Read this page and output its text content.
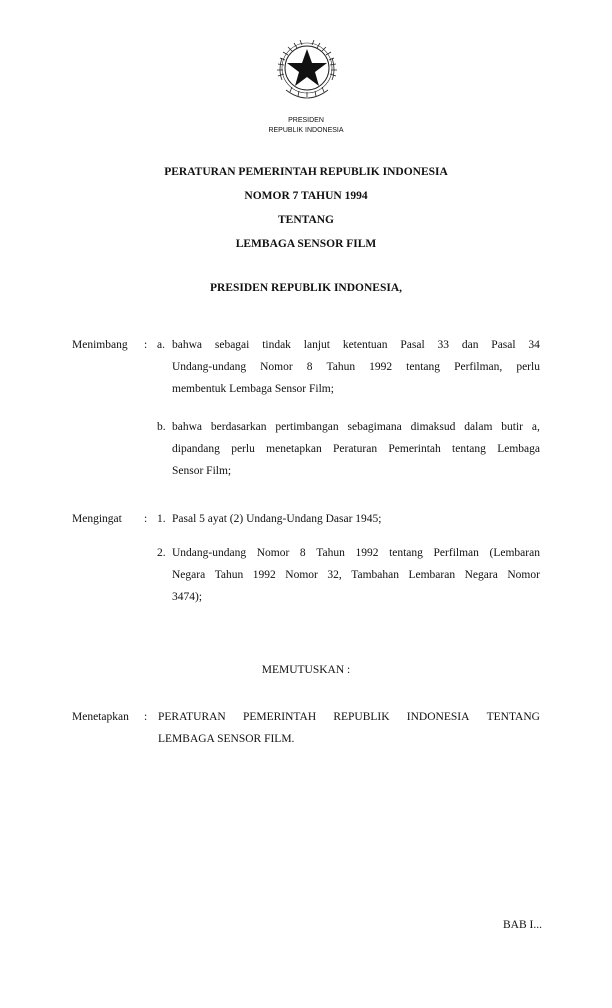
PRESIDEN
REPUBLIK INDONESIA
PERATURAN PEMERINTAH REPUBLIK INDONESIA
NOMOR 7 TAHUN 1994
TENTANG
LEMBAGA SENSOR FILM
PRESIDEN REPUBLIK INDONESIA,
Menimbang	: a. bahwa sebagai tindak lanjut ketentuan Pasal 33 dan Pasal 34
Undang-undang Nomor 8 Tahun 1992 tentang Perfilman, perlu
membentuk Lembaga Sensor Film;
b. bahwa berdasarkan pertimbangan sebagimana dimaksud dalam butir a,
dipandang perlu menetapkan Peraturan Pemerintah tentang Lembaga
Sensor Film;
Mengingat	: 1. Pasal 5 ayat (2) Undang-Undang Dasar 1945;
2. Undang-undang Nomor 8 Tahun 1992 tentang Perfilman (Lembaran
Negara Tahun 1992 Nomor 32, Tambahan Lembaran Negara Nomor
3474);
MEMUTUSKAN :
Menetapkan	: PERATURAN PEMERINTAH REPUBLIK INDONESIA TENTANG
LEMBAGA SENSOR FILM.
BAB I...
